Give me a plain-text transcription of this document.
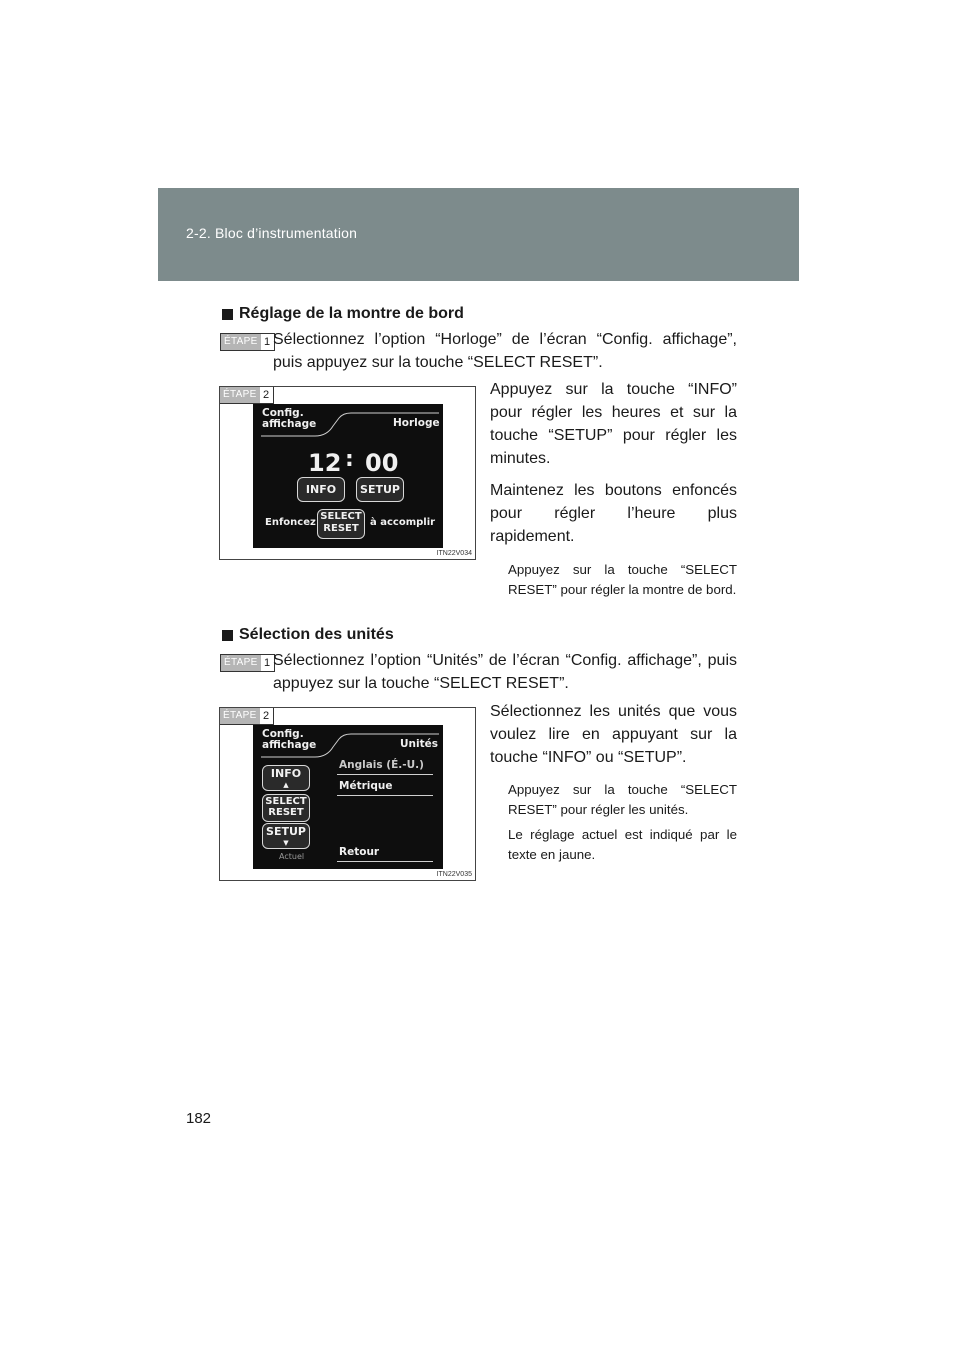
2-2. Bloc d’instrumentation
Réglage de la montre de bord
ÉTAPE 1 Sélectionnez l’option “Horloge” de l’écran “Config. affichage”, puis appuyez sur la touche “SELECT RESET”.
ÉTAPE 2
Config.
affichage	Horloge
12 : 00
INFO	SETUP
Enfoncez
SELECT
RESET
à accomplir
ITN22V034
Appuyez sur la touche “INFO” pour régler les heures et sur la touche “SETUP” pour régler les minutes.
Maintenez les boutons enfoncés pour régler l’heure plus rapidement.
Appuyez sur la touche “SELECT RESET” pour régler la montre de bord.
Sélection des unités
ÉTAPE 1 Sélectionnez l’option “Unités” de l’écran “Config. affichage”, puis appuyez sur la touche “SELECT RESET”.
ÉTAPE 2
Config.
affichage	Unités
INFO
▲
SELECT
RESET
SETUP
▼
Actuel
Anglais (É.-U.)
Métrique
Retour
ITN22V035
Sélectionnez les unités que vous voulez lire en appuyant sur la touche “INFO” ou “SETUP”.
Appuyez sur la touche “SELECT RESET” pour régler les unités.
Le réglage actuel est indiqué par le texte en jaune.
182
